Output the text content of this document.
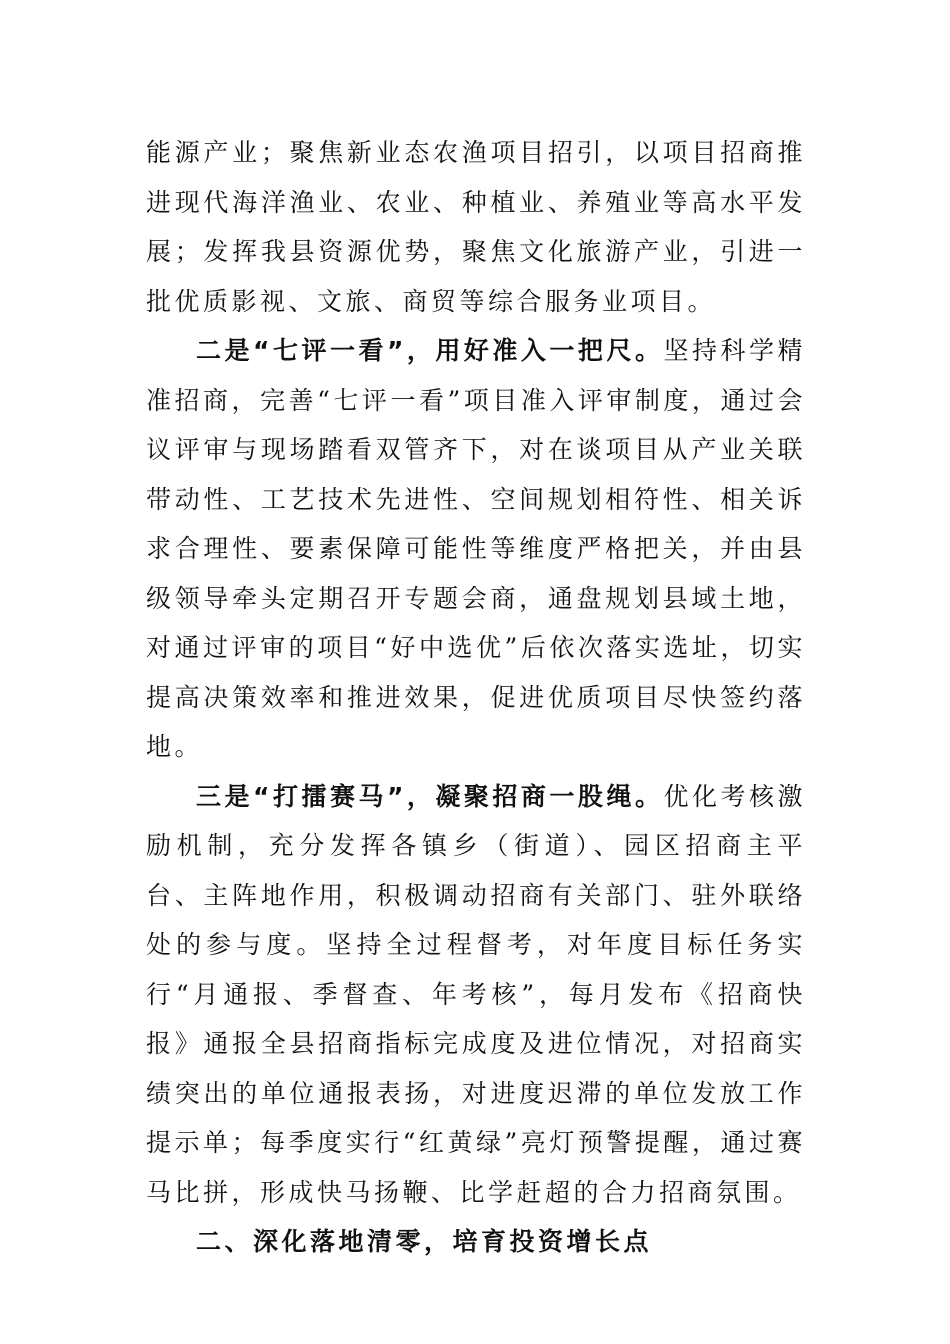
能源产业；聚焦新业态农渔项目招引，以项目招商推进现代海洋渔业、农业、种植业、养殖业等高水平发展；发挥我县资源优势，聚焦文化旅游产业，引进一批优质影视、文旅、商贸等综合服务业项目。

二是“七评一看”，用好准入一把尺。坚持科学精准招商，完善“七评一看”项目准入评审制度，通过会议评审与现场踏看双管齐下，对在谈项目从产业关联带动性、工艺技术先进性、空间规划相符性、相关诉求合理性、要素保障可能性等维度严格把关，并由县级领导牵头定期召开专题会商，通盘规划县域土地，对通过评审的项目“好中选优”后依次落实选址，切实提高决策效率和推进效果，促进优质项目尽快签约落地。

三是“打擂赛马”，凝聚招商一股绳。优化考核激励机制，充分发挥各镇乡（街道）、园区招商主平台、主阵地作用，积极调动招商有关部门、驻外联络处的参与度。坚持全过程督考，对年度目标任务实行“月通报、季督查、年考核”，每月发布《招商快报》通报全县招商指标完成度及进位情况，对招商实绩突出的单位通报表扬，对进度迟滞的单位发放工作提示单；每季度实行“红黄绿”亮灯预警提醒，通过赛马比拼，形成快马扬鞭、比学赶超的合力招商氛围。

二、深化落地清零，培育投资增长点
